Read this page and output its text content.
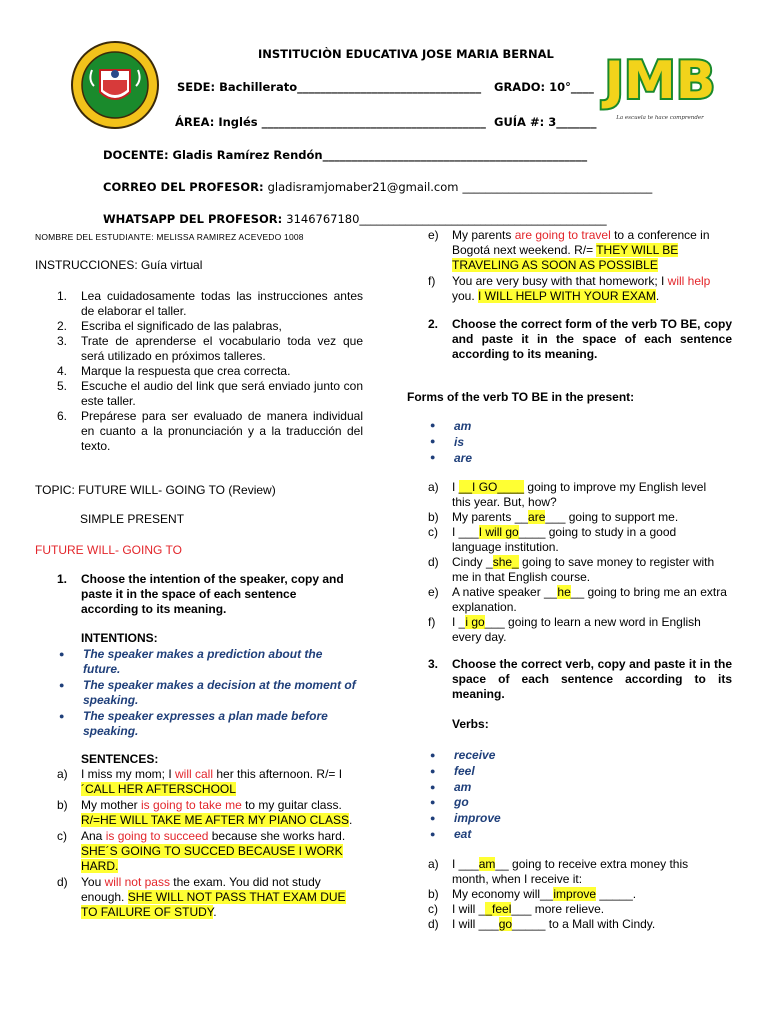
INSTITUCIÒN EDUCATIVA JOSE MARIA BERNAL
SEDE: Bachillerato________________________________ GRADO: 10°____
ÁREA: Inglés _______________________________________ GUÍA #: 3_______
DOCENTE: Gladis Ramírez Rendón______________________________________________
CORREO DEL PROFESOR: gladisramjomaber21@gmail.com _________________________________
WHATSAPP DEL PROFESOR: 3146767180___________________________________________
JMB
La escuela te hace comprender
NOMBRE DEL ESTUDIANTE: MELISSA RAMIREZ ACEVEDO 1008
INSTRUCCIONES: Guía virtual
1.	Lea cuidadosamente todas las instrucciones antes de elaborar el taller.
2.	Escriba el significado de las palabras,
3.	Trate de aprenderse el vocabulario toda vez que será utilizado en próximos talleres.
4.	Marque la respuesta que crea correcta.
5.	Escuche el audio del link que será enviado junto con este taller.
6.	Prepárese para ser evaluado de manera individual en cuanto a la pronunciación y a la traducción del texto.
TOPIC: FUTURE WILL- GOING TO (Review)
SIMPLE PRESENT
FUTURE WILL- GOING TO
1.	Choose the intention of the speaker, copy and paste it in the space of each sentence according to its meaning.
INTENTIONS:
●	The speaker makes a prediction about the future.
●	The speaker makes a decision at the moment of speaking.
●	The speaker expresses a plan made before speaking.
SENTENCES:
a)	I miss my mom; I will call her this afternoon. R/= I ´CALL HER AFTERSCHOOL
b)	My mother is going to take me to my guitar class. R/=HE WILL TAKE ME AFTER MY PIANO CLASS.
c)	Ana is going to succeed because she works hard. SHE´S GOING TO SUCCED BECAUSE I WORK HARD.
d)	You will not pass the exam. You did not study enough. SHE WILL NOT PASS THAT EXAM DUE TO FAILURE OF STUDY.
e)	My parents are going to travel to a conference in Bogotá next weekend. R/= THEY WILL BE TRAVELING AS SOON AS POSSIBLE
f)	You are very busy with that homework; I will help you. I WILL HELP WITH YOUR EXAM.
2.	Choose the correct form of the verb TO BE, copy and paste it in the space of each sentence according to its meaning.
Forms of the verb TO BE in the present:
●	am
●	is
●	are
a)	I __I GO____ going to improve my English level this year. But, how?
b)	My parents __are___ going to support me.
c)	I ___I will go____ going to study in a good language institution.
d)	Cindy _she_ going to save money to register with me in that English course.
e)	A native speaker __he__ going to bring me an extra explanation.
f)	I _i go___ going to learn a new word in English every day.
3.	Choose the correct verb, copy and paste it in the space of each sentence according to its meaning.
Verbs:
●	receive
●	feel
●	am
●	go
●	improve
●	eat
a)	I ___am__ going to receive extra money this month, when I receive it:
b)	My economy will__improve _____.
c)	I will __feel___ more relieve.
d)	I will ___go_____ to a Mall with Cindy.
